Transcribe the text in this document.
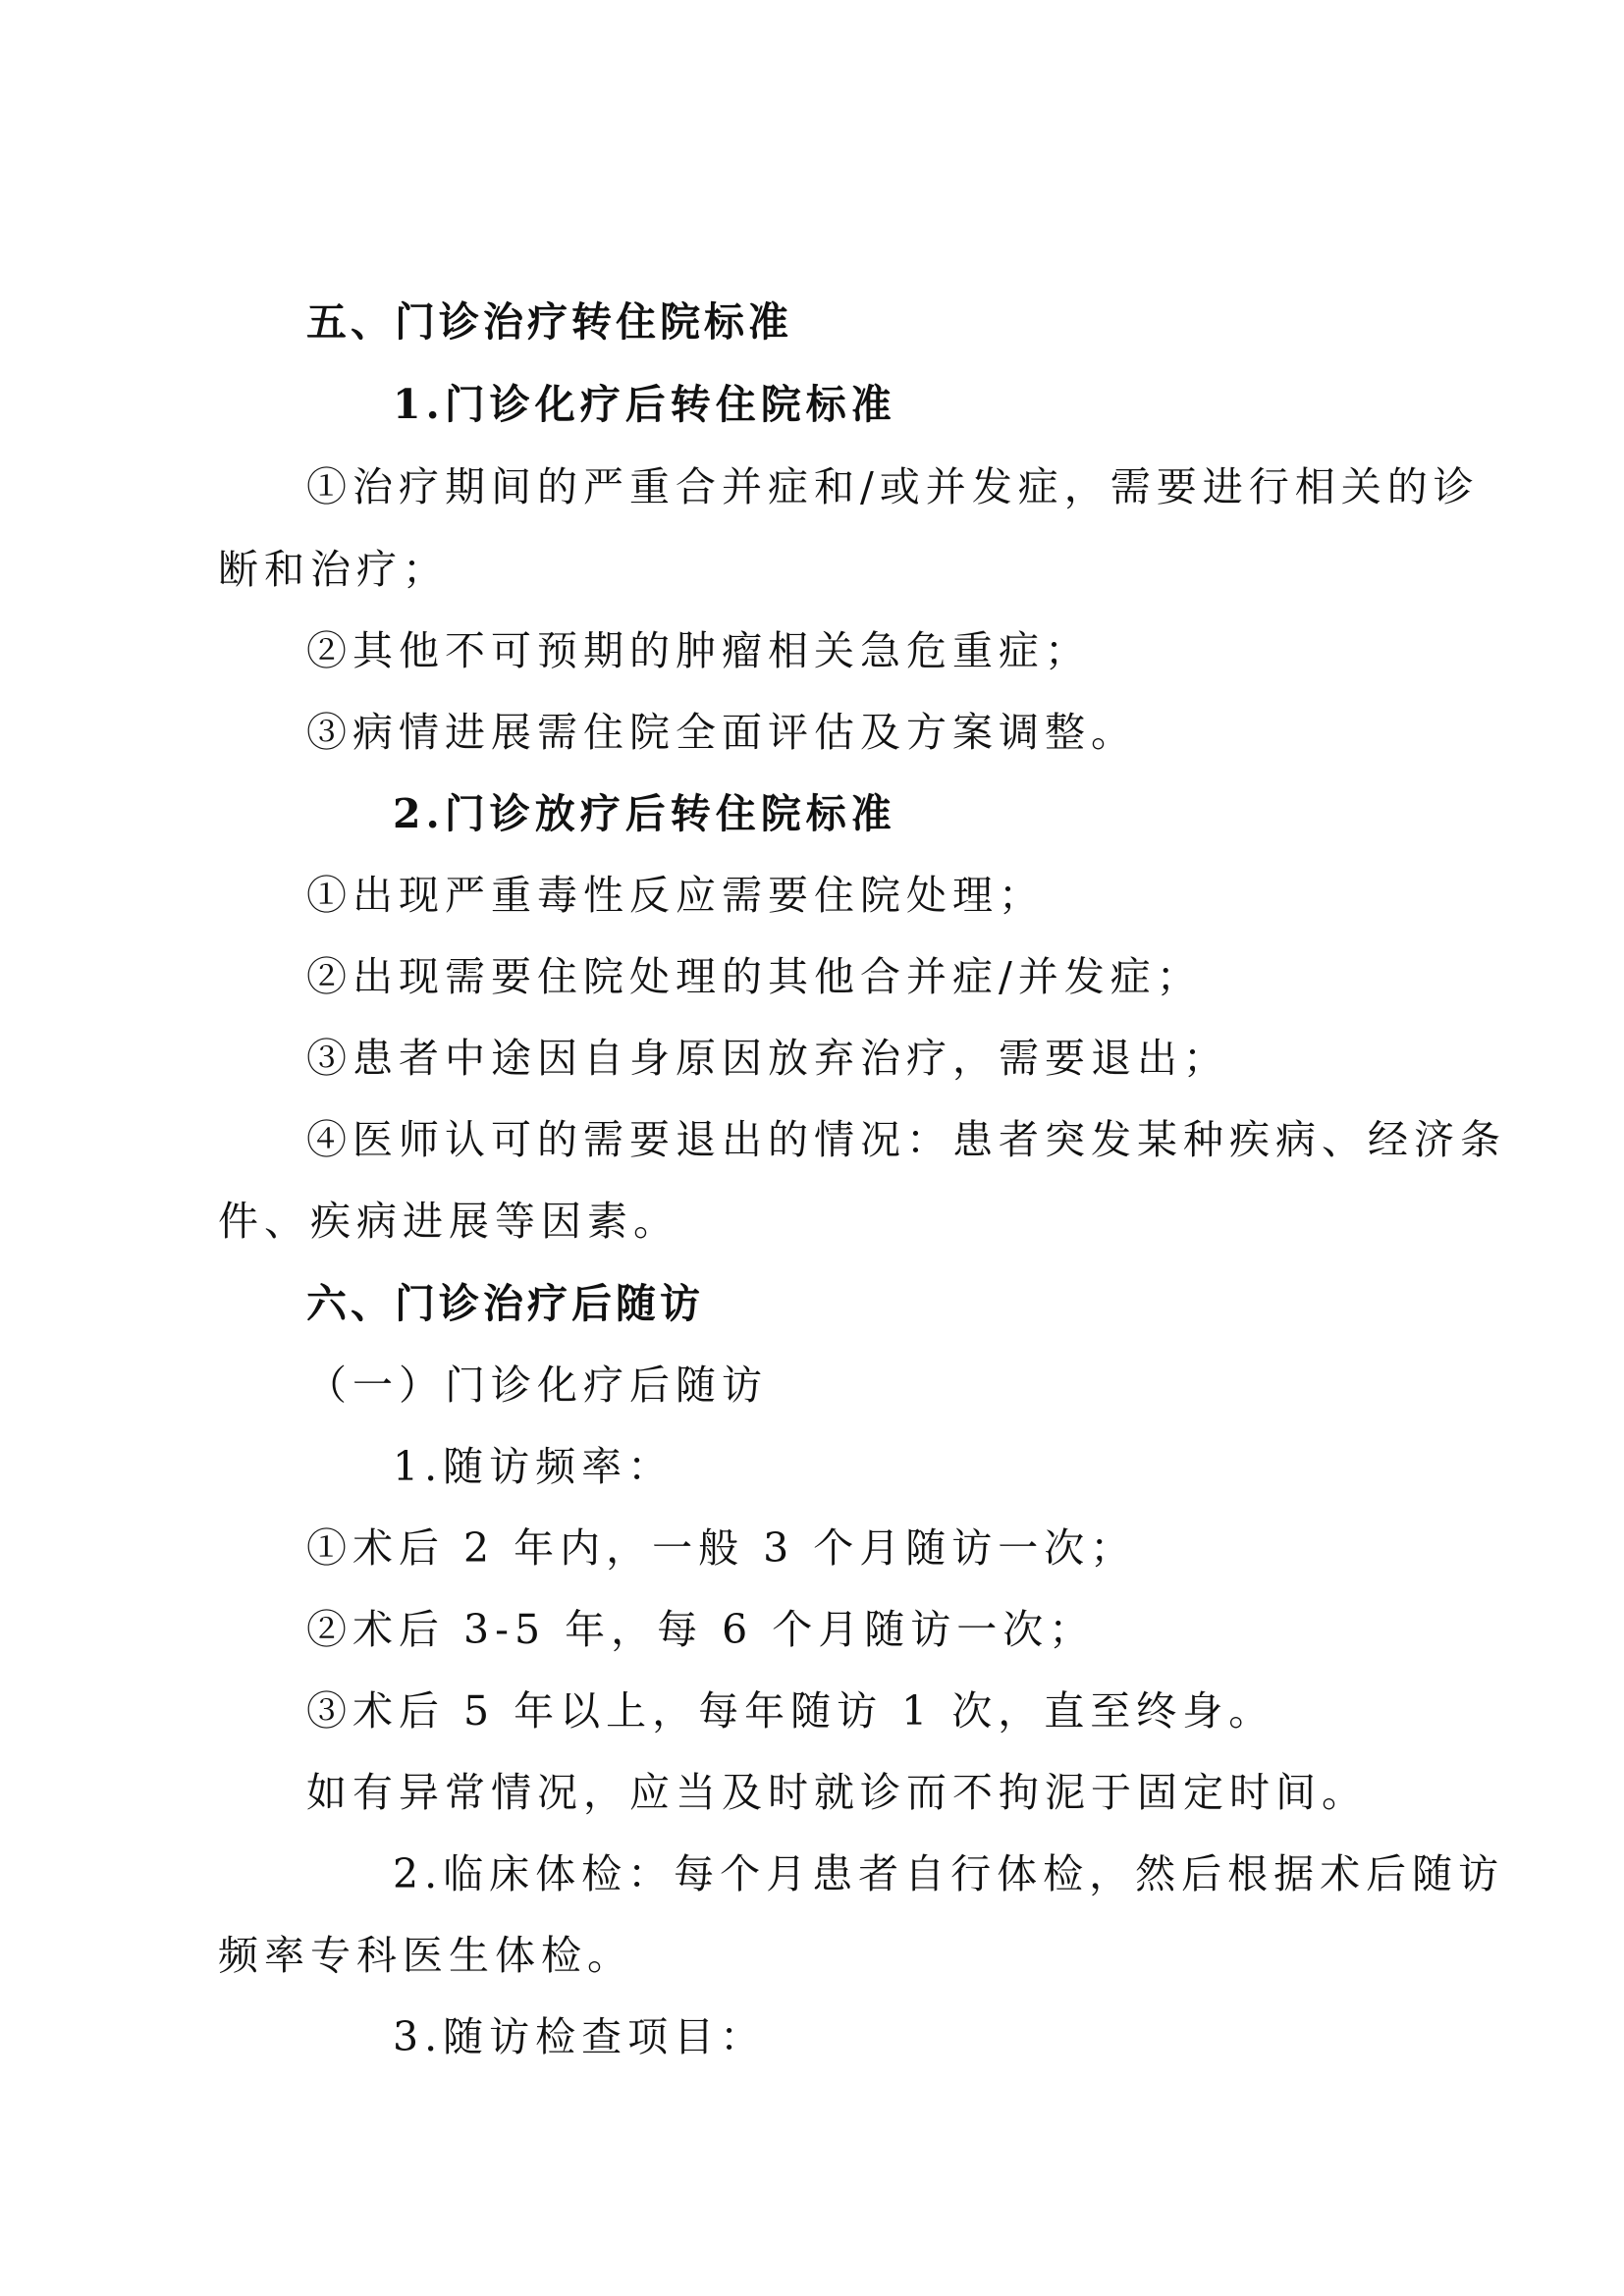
五、门诊治疗转住院标准
1.门诊化疗后转住院标准
①治疗期间的严重合并症和/或并发症，需要进行相关的诊
断和治疗；
②其他不可预期的肿瘤相关急危重症；
③病情进展需住院全面评估及方案调整。
2.门诊放疗后转住院标准
①出现严重毒性反应需要住院处理；
②出现需要住院处理的其他合并症/并发症；
③患者中途因自身原因放弃治疗，需要退出；
④医师认可的需要退出的情况：患者突发某种疾病、经济条
件、疾病进展等因素。
六、门诊治疗后随访
（一）门诊化疗后随访
1.随访频率：
①术后 2 年内，一般 3 个月随访一次；
②术后 3-5 年，每 6 个月随访一次；
③术后 5 年以上，每年随访 1 次，直至终身。
如有异常情况，应当及时就诊而不拘泥于固定时间。
2.临床体检：每个月患者自行体检，然后根据术后随访
频率专科医生体检。
3.随访检查项目：
